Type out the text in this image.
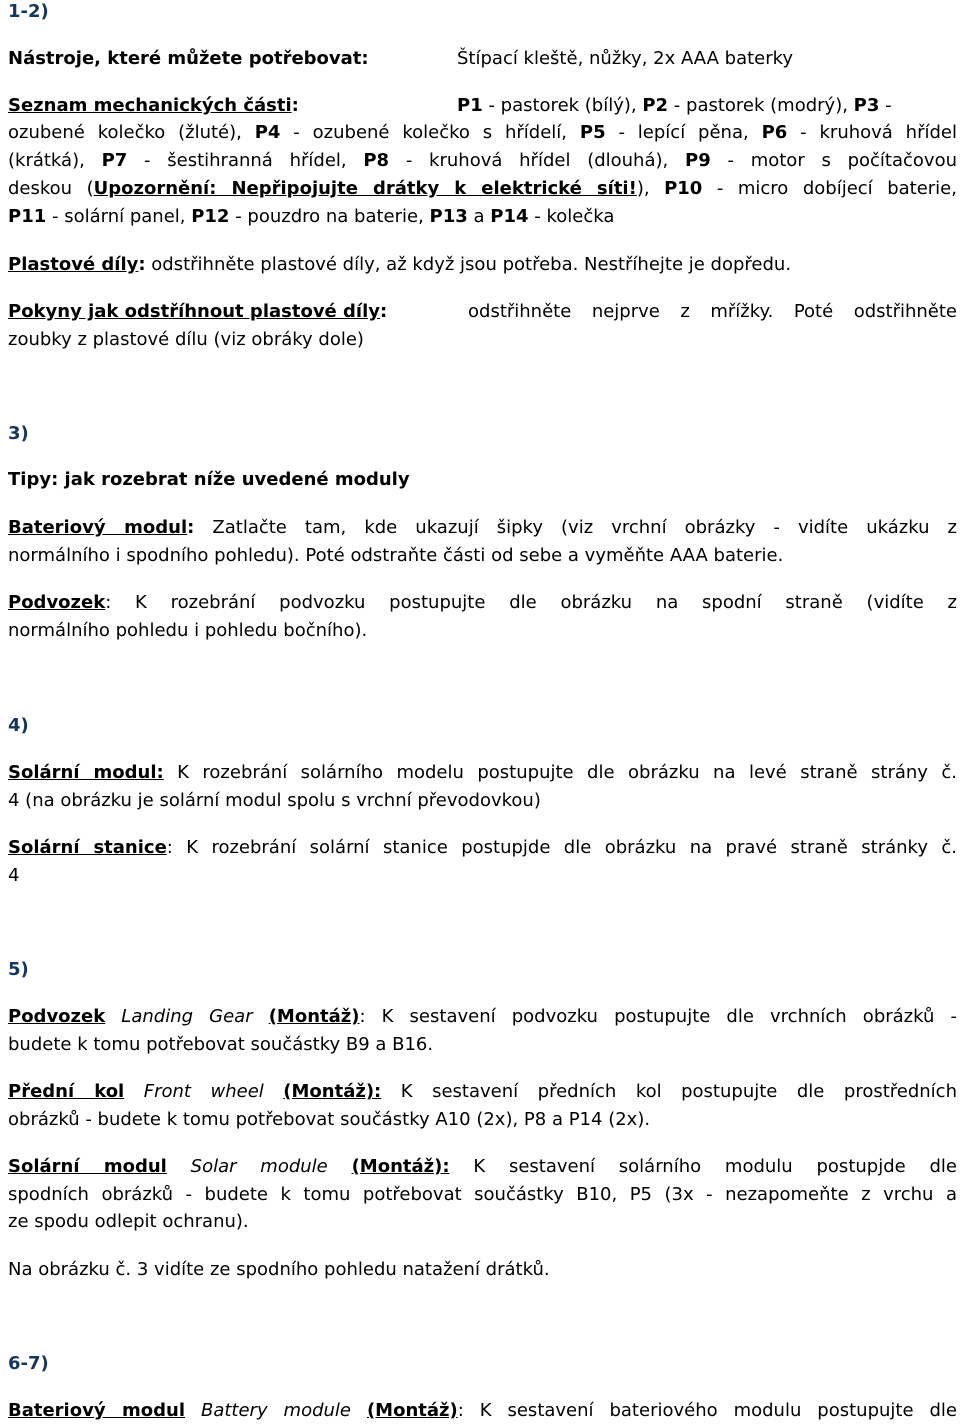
1-2)
Nástroje, které můžete potřebovat:	Štípací kleště, nůžky, 2x AAA baterky
Seznam mechanických části:	P1 - pastorek (bílý), P2 - pastorek (modrý), P3 -
ozubené kolečko (žluté), P4 - ozubené kolečko s hřídelí, P5 - lepící pěna, P6 - kruhová hřídel
(krátká), P7 - šestihranná hřídel, P8 - kruhová hřídel (dlouhá), P9 - motor s počítačovou
deskou (Upozornění: Nepřipojujte drátky k elektrické síti!), P10 - micro dobíjecí baterie,
P11 - solární panel, P12 - pouzdro na baterie, P13 a P14 - kolečka
Plastové díly: odstřihněte plastové díly, až když jsou potřeba. Nestříhejte je dopředu.
Pokyny jak odstříhnout plastové díly:	odstřihněte nejprve z mřížky. Poté odstřihněte
zoubky z plastové dílu (viz obráky dole)
3)
Tipy: jak rozebrat níže uvedené moduly
Bateriový modul: Zatlačte tam, kde ukazují šipky (viz vrchní obrázky - vidíte ukázku z
normálního i spodního pohledu). Poté odstraňte části od sebe a vyměňte AAA baterie.
Podvozek: K rozebrání podvozku postupujte dle obrázku na spodní straně (vidíte z
normálního pohledu i pohledu bočního).
4)
Solární modul: K rozebrání solárního modelu postupujte dle obrázku na levé straně strány č.
4 (na obrázku je solární modul spolu s vrchní převodovkou)
Solární stanice: K rozebrání solární stanice postupjde dle obrázku na pravé straně stránky č.
4
5)
Podvozek Landing Gear (Montáž): K sestavení podvozku postupujte dle vrchních obrázků -
budete k tomu potřebovat součástky B9 a B16.
Přední kol Front wheel (Montáž): K sestavení předních kol postupujte dle prostředních
obrázků - budete k tomu potřebovat součástky A10 (2x), P8 a P14 (2x).
Solární modul Solar module (Montáž): K sestavení solárního modulu postupjde dle
spodních obrázků - budete k tomu potřebovat součástky B10, P5 (3x - nezapomeňte z vrchu a
ze spodu odlepit ochranu).
Na obrázku č. 3 vidíte ze spodního pohledu natažení drátků.
6-7)
Bateriový modul Battery module (Montáž): K sestavení bateriového modulu postupujte dle
